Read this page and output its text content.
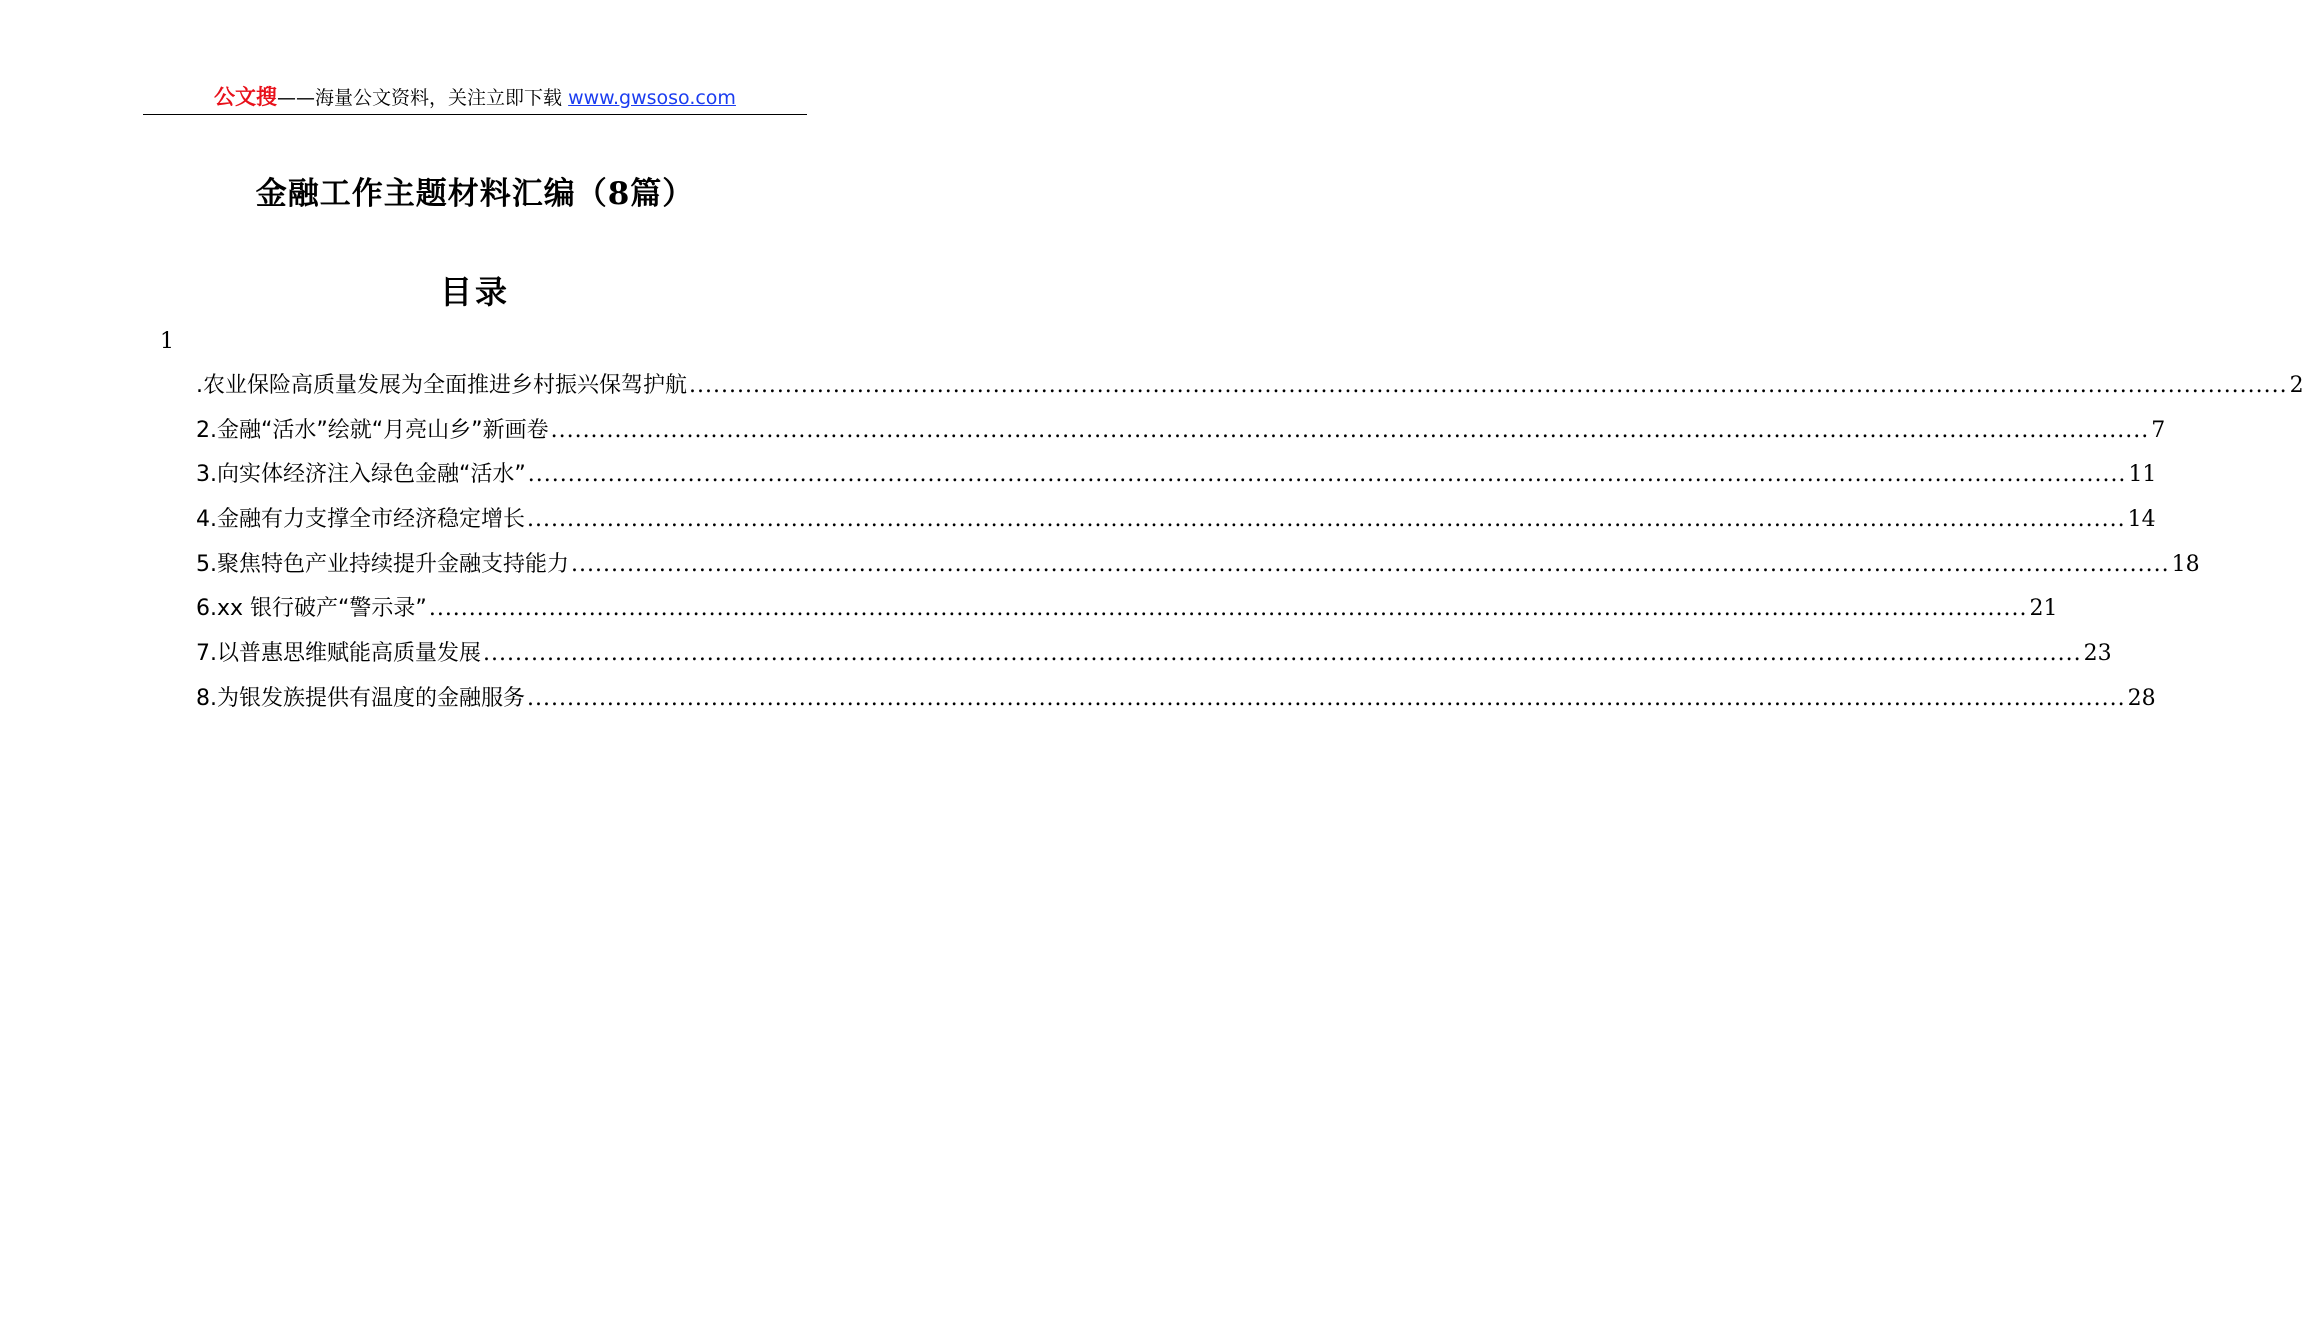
公文搜——海量公文资料，关注立即下载 www.gwsoso.com
金融工作主题材料汇编（8篇）
目录
1
.农业保险高质量发展为全面推进乡村振兴保驾护航 ........................................................................................................................................................................................................ 2
2.金融“活水”绘就“月亮山乡”新画卷 ........................................................................................................................................................................................................ 7
3.向实体经济注入绿色金融“活水” ........................................................................................................................................................................................................ 11
4.金融有力支撑全市经济稳定增长 ........................................................................................................................................................................................................ 14
5.聚焦特色产业持续提升金融支持能力 ........................................................................................................................................................................................................ 18
6.xx 银行破产“警示录” ........................................................................................................................................................................................................ 21
7.以普惠思维赋能高质量发展 ........................................................................................................................................................................................................ 23
8.为银发族提供有温度的金融服务 ........................................................................................................................................................................................................ 28
